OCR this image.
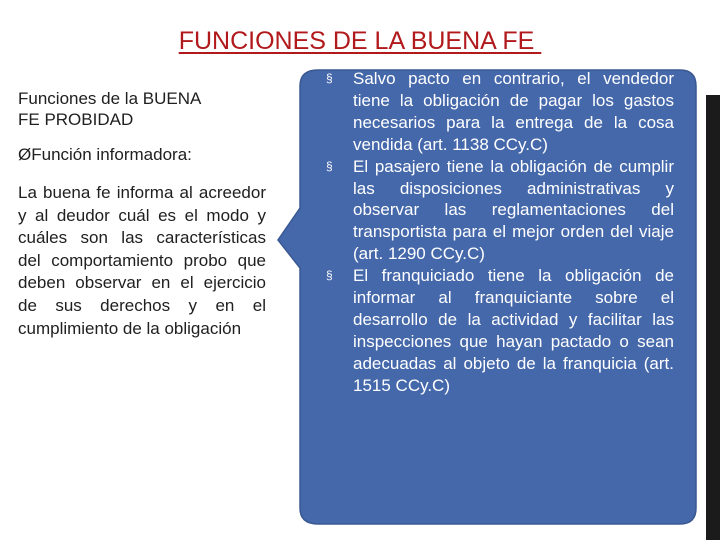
FUNCIONES DE LA BUENA FE
Funciones de la BUENA
FE PROBIDAD
ØFunción informadora:

La buena fe informa al acreedor y al deudor cuál es el modo y cuáles son las características del comportamiento probo que deben observar en el ejercicio de sus derechos y en el cumplimiento de la obligación

§ Salvo pacto en contrario, el vendedor tiene la obligación de pagar los gastos necesarios para la entrega de la cosa vendida (art. 1138 CCy.C)
§ El pasajero tiene la obligación de cumplir las disposiciones administrativas y observar las reglamentaciones del transportista para el mejor orden del viaje (art. 1290 CCy.C)
§ El franquiciado tiene la obligación de informar al franquiciante sobre el desarrollo de la actividad y facilitar las inspecciones que hayan pactado o sean adecuadas al objeto de la franquicia (art. 1515 CCy.C)
